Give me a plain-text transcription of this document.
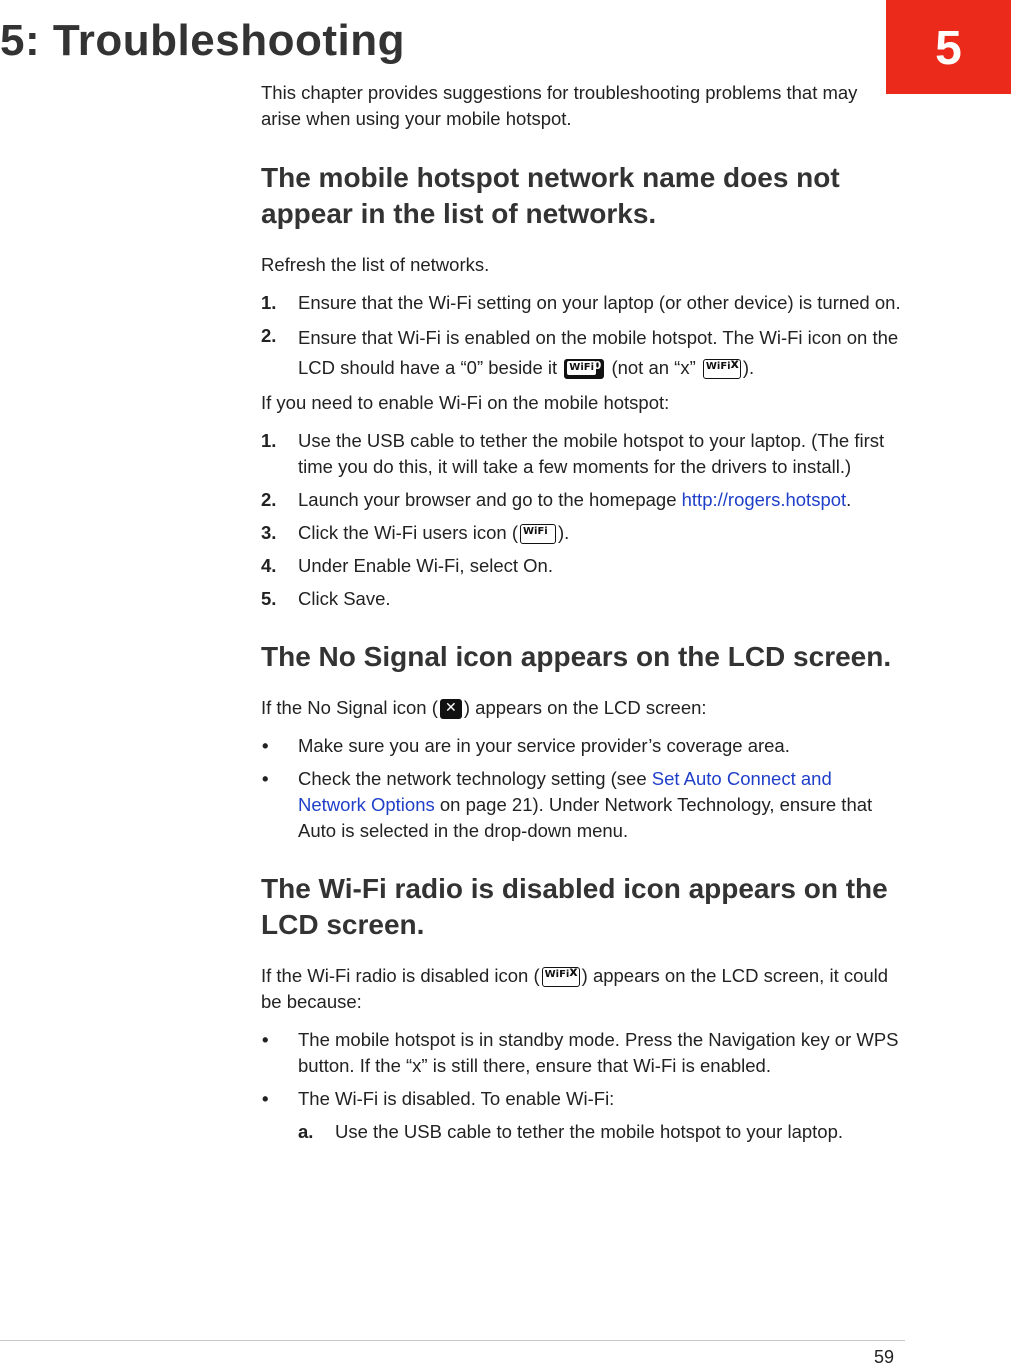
5: Troubleshooting	5

This chapter provides suggestions for troubleshooting problems that may arise when using your mobile hotspot.

The mobile hotspot network name does not appear in the list of networks.

Refresh the list of networks.

1. Ensure that the Wi-Fi setting on your laptop (or other device) is turned on.
2. Ensure that Wi-Fi is enabled on the mobile hotspot. The Wi-Fi icon on the LCD should have a “0” beside it WiFi 0 (not an “x” WiFi x ).

If you need to enable Wi-Fi on the mobile hotspot:

1. Use the USB cable to tether the mobile hotspot to your laptop. (The first time you do this, it will take a few moments for the drivers to install.)
2. Launch your browser and go to the homepage http://​rogers.hotspot.
3. Click the Wi-Fi users icon ( WiFi ).
4. Under Enable Wi-Fi, select On.
5. Click Save.
The No Signal icon appears on the LCD screen.

If the No Signal icon ( ✕ ) appears on the LCD screen:

• Make sure you are in your service provider’s coverage area.
• Check the network technology setting (see Set Auto Connect and Network Options on page 21). Under Network Technology, ensure that Auto is selected in the drop-down menu.
The Wi-Fi radio is disabled icon appears on the LCD screen.

If the Wi-Fi radio is disabled icon ( WiFi x ) appears on the LCD screen, it could be because:

• The mobile hotspot is in standby mode. Press the Navigation key or WPS button. If the “x” is still there, ensure that Wi-Fi is enabled.
• The Wi-Fi is disabled. To enable Wi-Fi:
a. Use the USB cable to tether the mobile hotspot to your laptop.
59
